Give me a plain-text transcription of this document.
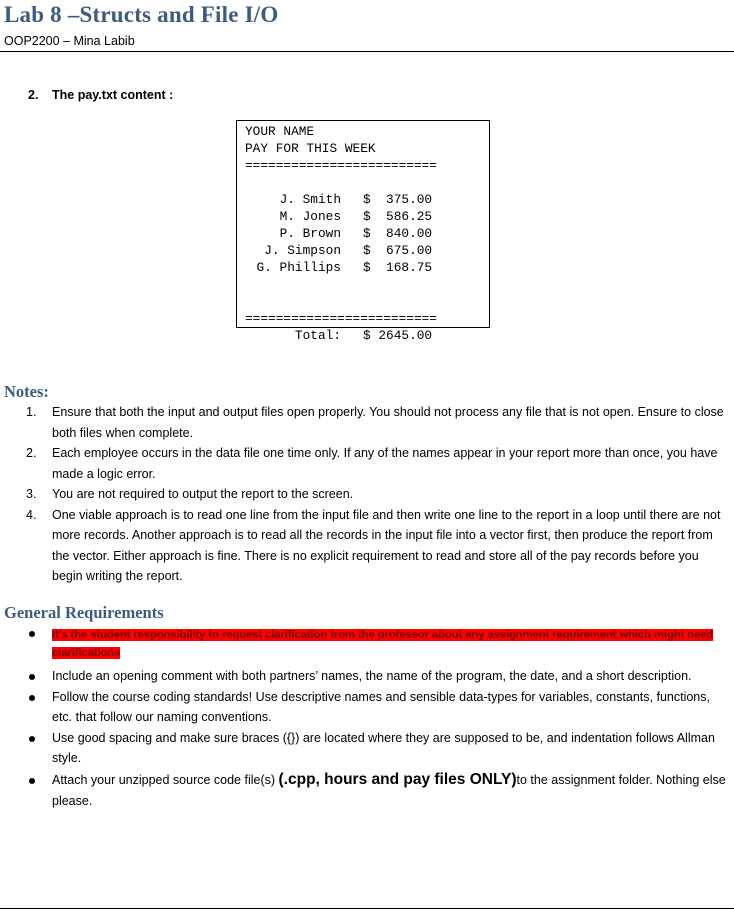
Lab 8 –Structs and File I/O
OOP2200 – Mina Labib
2. The pay.txt content :
YOUR NAME
PAY FOR THIS WEEK
=========================
J. Smith $  375.00
M. Jones $  586.25
P. Brown $  840.00
J. Simpson $  675.00
G. Phillips $  168.75
=========================
Total: $ 2645.00
Notes:
1. Ensure that both the input and output files open properly. You should not process any file that is not open. Ensure to close both files when complete.
2. Each employee occurs in the data file one time only. If any of the names appear in your report more than once, you have made a logic error.
3. You are not required to output the report to the screen.
4. One viable approach is to read one line from the input file and then write one line to the report in a loop until there are not more records. Another approach is to read all the records in the input file into a vector first, then produce the report from the vector. Either approach is fine. There is no explicit requirement to read and store all of the pay records before you begin writing the report.
General Requirements
It’s the student responsibility to request clarification from the professor about any assignment requirement which might need clarifications
Include an opening comment with both partners’ names, the name of the program, the date, and a short description.
Follow the course coding standards! Use descriptive names and sensible data-types for variables, constants, functions, etc. that follow our naming conventions.
Use good spacing and make sure braces ({}) are located where they are supposed to be, and indentation follows Allman style.
Attach your unzipped source code file(s) (.cpp, hours and pay files ONLY)to the assignment folder. Nothing else please.
